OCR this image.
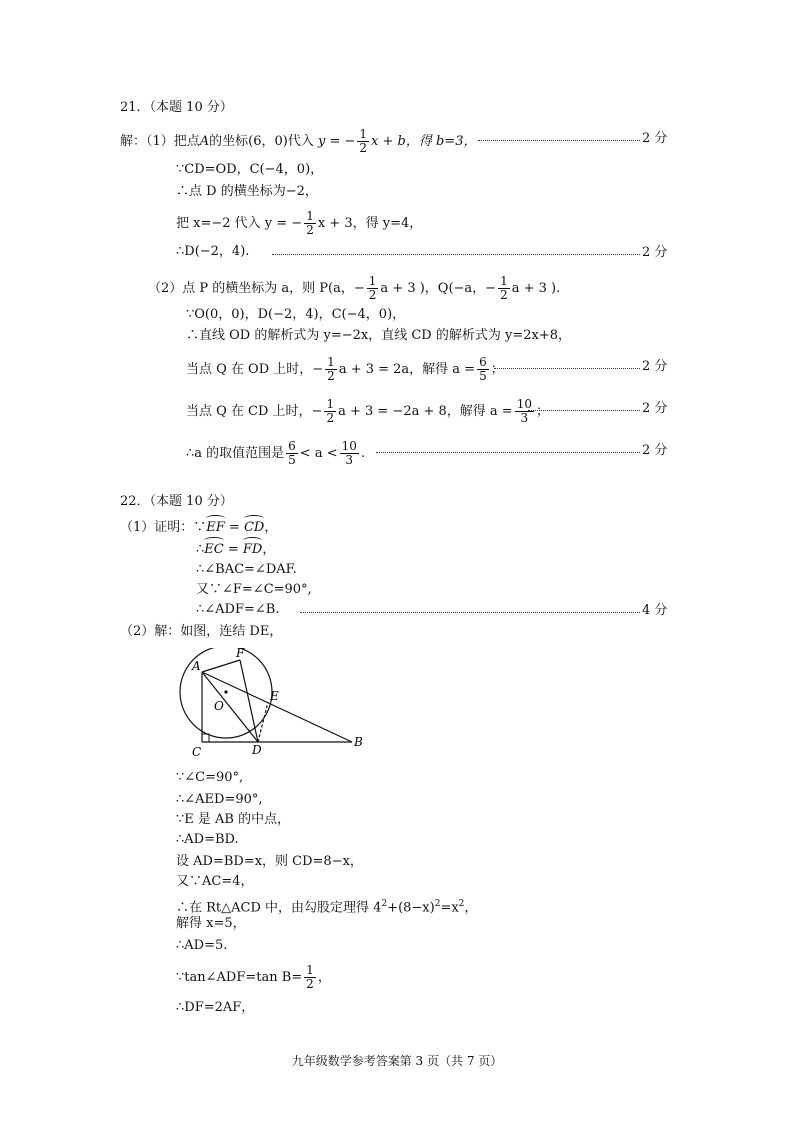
21．（本题 10 分）
解：（1）把点A的坐标(6，0)代入 y = − $\frac{1}{2}$ x + b，得 b=3，	2 分
∵CD=OD，C(−4，0)，
∴点 D 的横坐标为−2，
把 x=−2 代入 y = − $\frac{1}{2}$ x + 3，得 y=4，
∴D(−2，4).	2 分
（2）点 P 的横坐标为 a，则 P(a，− $\frac{1}{2}$ a + 3 )，Q(−a，− $\frac{1}{2}$ a + 3 ).
∵O(0，0)，D(−2，4)，C(−4，0)，
∴直线 OD 的解析式为 y=−2x，直线 CD 的解析式为 y=2x+8，
当点 Q 在 OD 上时，− $\frac{1}{2}$ a + 3 = 2a，解得 $a = \frac{6}{5}$ ；	2 分
当点 Q 在 CD 上时，− $\frac{1}{2}$ a + 3 = −2a + 8，解得 $a = \frac{10}{3}$ ；	2 分
∴a 的取值范围是 $\frac{6}{5} < a < \frac{10}{3}$ .	2 分
22．（本题 10 分）
（1）证明：∵EF = CD，
∴EC = FD，
∴∠BAC=∠DAF.
又∵∠F=∠C=90°,
∴∠ADF=∠B.	4 分
（2）解：如图，连结 DE，
A
F
E
O
C	D
B
∵∠C=90°,
∴∠AED=90°,
∵E 是 AB 的中点，
∴AD=BD.
设 AD=BD=x，则 CD=8−x，
又∵AC=4，
∴在 Rt△ACD 中，由勾股定理得 $4^2+(8-x)^2=x^2$，
解得 x=5，
∴AD=5.
∵tan∠ADF=tan $B= \frac{1}{2}$ ，
∴DF=2AF，
九年级数学参考答案第 3 页（共 7 页）
